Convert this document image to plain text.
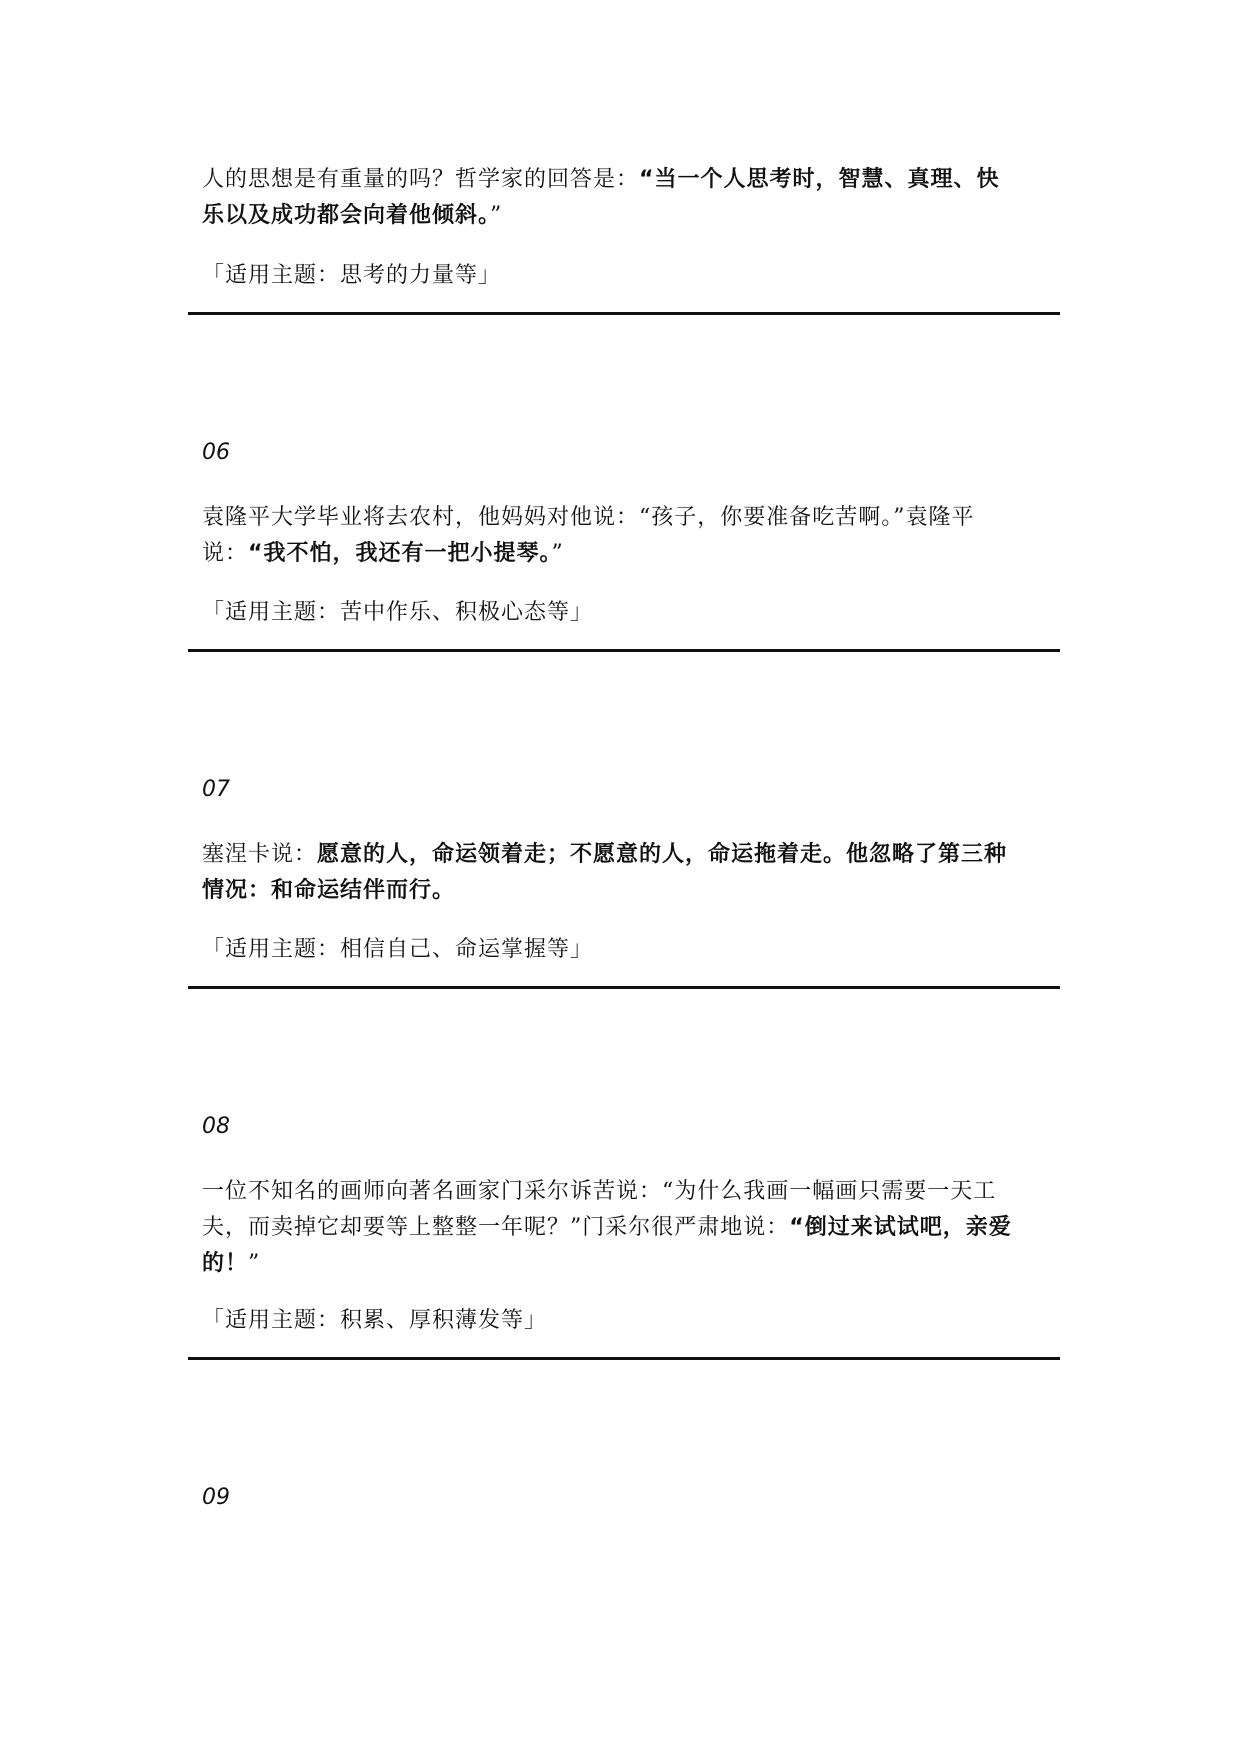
人的思想是有重量的吗？哲学家的回答是：“当一个人思考时，智慧、真理、快乐以及成功都会向着他倾斜。”
「适用主题：思考的力量等」
06
袁隆平大学毕业将去农村，他妈妈对他说：“孩子，你要准备吃苦啊。”袁隆平说：“我不怕，我还有一把小提琴。”
「适用主题：苦中作乐、积极心态等」
07
塞涅卡说：愿意的人，命运领着走；不愿意的人，命运拖着走。他忽略了第三种情况：和命运结伴而行。
「适用主题：相信自己、命运掌握等」
08
一位不知名的画师向著名画家门采尔诉苦说：“为什么我画一幅画只需要一天工夫，而卖掉它却要等上整整一年呢？”门采尔很严肃地说：“倒过来试试吧，亲爱的！”
「适用主题：积累、厚积薄发等」
09
